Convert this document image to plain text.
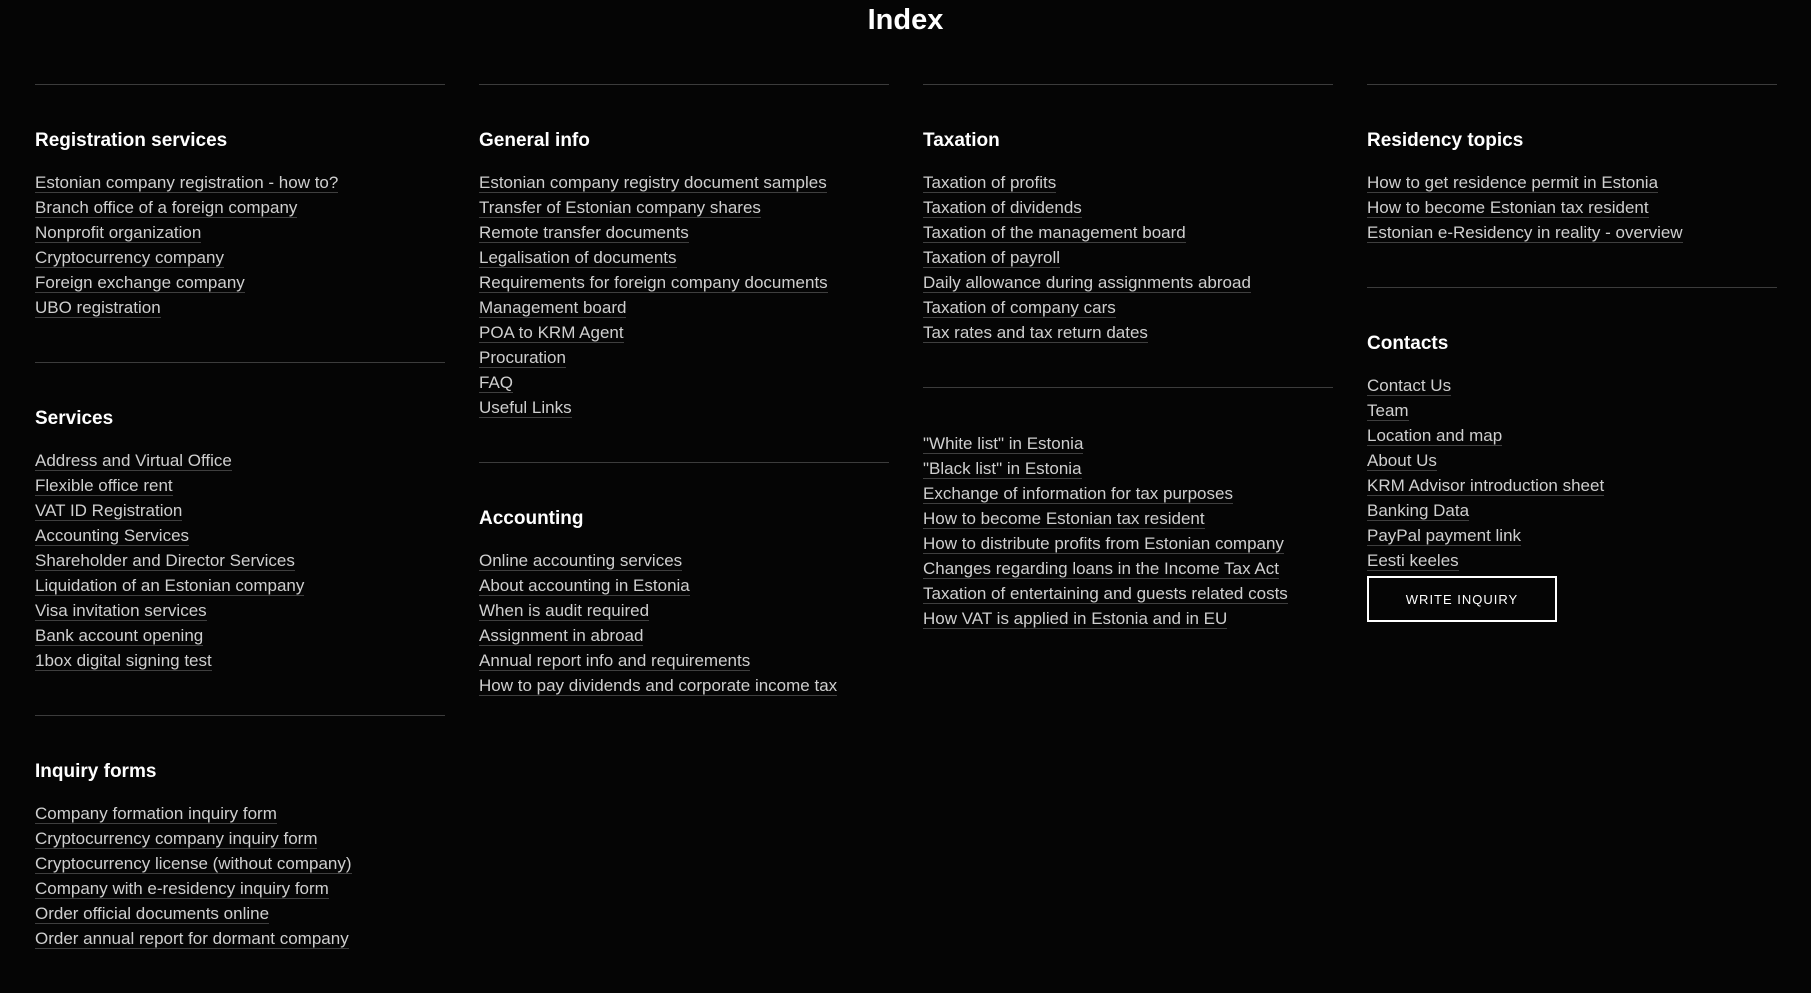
Index
Registration services
Estonian company registration - how to?
Branch office of a foreign company
Nonprofit organization
Cryptocurrency company
Foreign exchange company
UBO registration
Services
Address and Virtual Office
Flexible office rent
VAT ID Registration
Accounting Services
Shareholder and Director Services
Liquidation of an Estonian company
Visa invitation services
Bank account opening
1box digital signing test
Inquiry forms
Company formation inquiry form
Cryptocurrency company inquiry form
Cryptocurrency license (without company)
Company with e-residency inquiry form
Order official documents online
Order annual report for dormant company
General info
Estonian company registry document samples
Transfer of Estonian company shares
Remote transfer documents
Legalisation of documents
Requirements for foreign company documents
Management board
POA to KRM Agent
Procuration
FAQ
Useful Links
Accounting
Online accounting services
About accounting in Estonia
When is audit required
Assignment in abroad
Annual report info and requirements
How to pay dividends and corporate income tax
Taxation
Taxation of profits
Taxation of dividends
Taxation of the management board
Taxation of payroll
Daily allowance during assignments abroad
Taxation of company cars
Tax rates and tax return dates
"White list" in Estonia
"Black list" in Estonia
Exchange of information for tax purposes
How to become Estonian tax resident
How to distribute profits from Estonian company
Changes regarding loans in the Income Tax Act
Taxation of entertaining and guests related costs
How VAT is applied in Estonia and in EU
Residency topics
How to get residence permit in Estonia
How to become Estonian tax resident
Estonian e-Residency in reality - overview
Contacts
Contact Us
Team
Location and map
About Us
KRM Advisor introduction sheet
Banking Data
PayPal payment link
Eesti keeles
WRITE INQUIRY
